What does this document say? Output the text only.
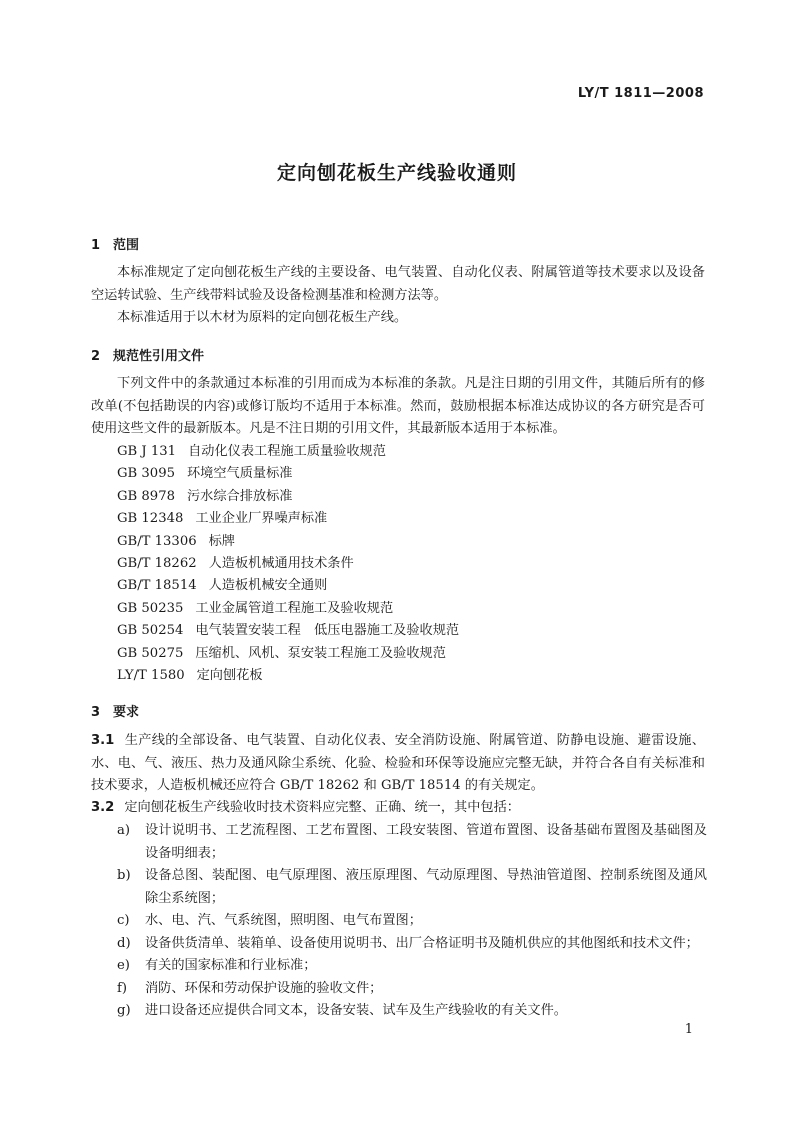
LY/T 1811—2008
定向刨花板生产线验收通则
1 范围
本标准规定了定向刨花板生产线的主要设备、电气装置、自动化仪表、附属管道等技术要求以及设备空运转试验、生产线带料试验及设备检测基准和检测方法等。
本标准适用于以木材为原料的定向刨花板生产线。
2 规范性引用文件
下列文件中的条款通过本标准的引用而成为本标准的条款。凡是注日期的引用文件，其随后所有的修改单(不包括勘误的内容)或修订版均不适用于本标准。然而，鼓励根据本标准达成协议的各方研究是否可使用这些文件的最新版本。凡是不注日期的引用文件，其最新版本适用于本标准。
GB J 131 自动化仪表工程施工质量验收规范
GB 3095 环境空气质量标准
GB 8978 污水综合排放标准
GB 12348 工业企业厂界噪声标准
GB/T 13306 标牌
GB/T 18262 人造板机械通用技术条件
GB/T 18514 人造板机械安全通则
GB 50235 工业金属管道工程施工及验收规范
GB 50254 电气装置安装工程　低压电器施工及验收规范
GB 50275 压缩机、风机、泵安装工程施工及验收规范
LY/T 1580 定向刨花板
3 要求
3.1 生产线的全部设备、电气装置、自动化仪表、安全消防设施、附属管道、防静电设施、避雷设施、水、电、气、液压、热力及通风除尘系统、化验、检验和环保等设施应完整无缺，并符合各自有关标准和技术要求，人造板机械还应符合 GB/T 18262 和 GB/T 18514 的有关规定。
3.2 定向刨花板生产线验收时技术资料应完整、正确、统一，其中包括：
a) 设计说明书、工艺流程图、工艺布置图、工段安装图、管道布置图、设备基础布置图及基础图及设备明细表；
b) 设备总图、装配图、电气原理图、液压原理图、气动原理图、导热油管道图、控制系统图及通风除尘系统图；
c) 水、电、汽、气系统图，照明图、电气布置图；
d) 设备供货清单、装箱单、设备使用说明书、出厂合格证明书及随机供应的其他图纸和技术文件；
e) 有关的国家标准和行业标准；
f) 消防、环保和劳动保护设施的验收文件；
g) 进口设备还应提供合同文本，设备安装、试车及生产线验收的有关文件。
1
